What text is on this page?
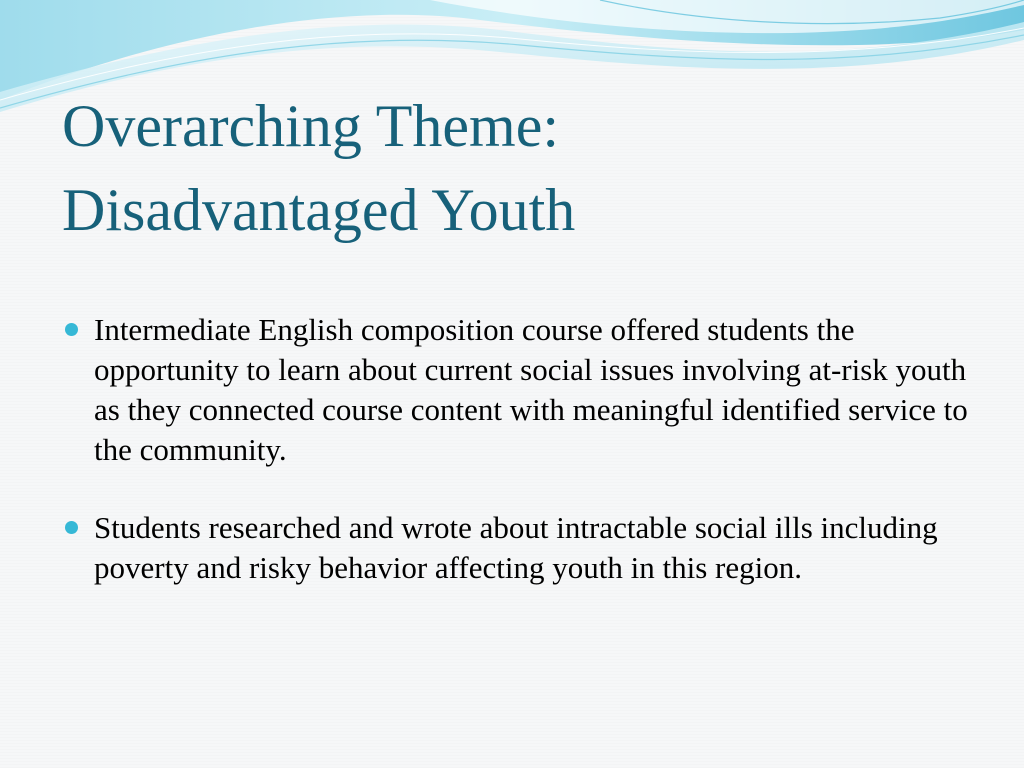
Overarching Theme:
Disadvantaged Youth
Intermediate English composition course offered students the opportunity to learn about current social issues involving at-risk youth as they connected course content with meaningful identified service to the community.
Students researched and wrote about intractable social ills including poverty and risky behavior affecting youth in this region.
